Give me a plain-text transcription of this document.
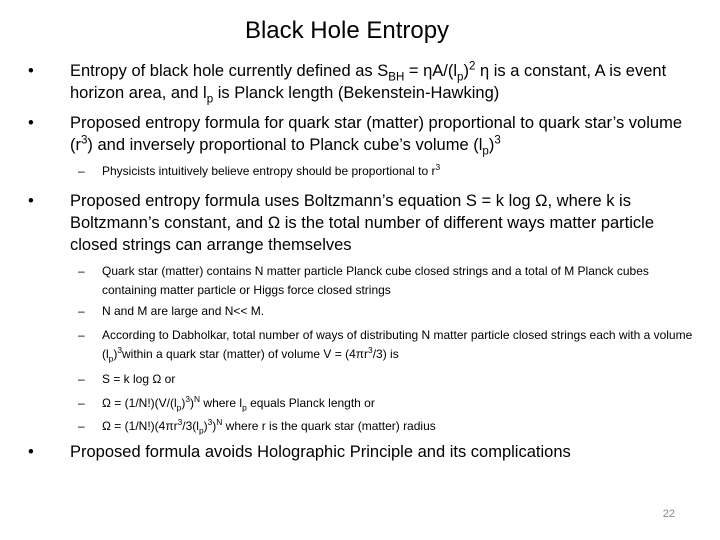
Black Hole Entropy
•	Entropy of black hole currently defined as $S_{BH} = \eta A/(l_p)^2$ η is a constant, A is event horizon area, and $l_p$ is Planck length (Bekenstein-Hawking)
•	Proposed entropy formula for quark star (matter) proportional to quark star’s volume $(r^3)$ and inversely proportional to Planck cube’s volume $(l_p)^3$
– Physicists intuitively believe entropy should be proportional to $r^3$
•	Proposed entropy formula uses Boltzmann’s equation S = k log Ω, where k is Boltzmann’s constant, and Ω is the total number of different ways matter particle closed strings can arrange themselves
– Quark star (matter) contains N matter particle Planck cube closed strings and a total of M Planck cubes containing matter particle or Higgs force closed strings
– N and M are large and N<< M.
– According to Dabholkar, total number of ways of distributing N matter particle closed strings each with a volume $(l_p)^3within$ a quark star (matter) of volume $V = (4\pi r^3/3)$ is
– S = k log Ω or
– $\Omega = (1/N!)(V/(l_p)^3)^N$ where $l_p$ equals Planck length or
– $\Omega = (1/N!)(4\pi r^3/3(l_p)^3)^N$ where r is the quark star (matter) radius
•	Proposed formula avoids Holographic Principle and its complications
22
